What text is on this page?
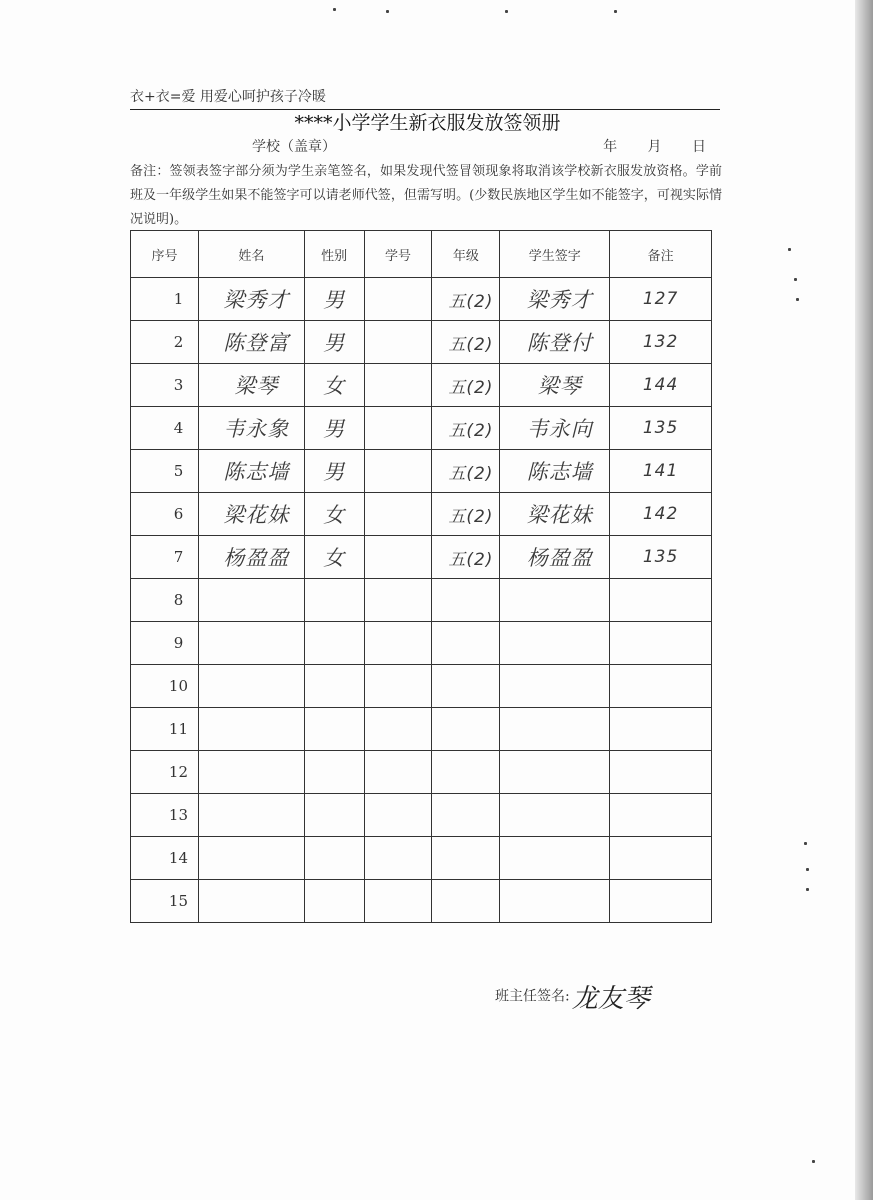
衣+衣=爱 用爱心呵护孩子冷暖
****小学学生新衣服发放签领册
学校（盖章）	年 月 日
备注：签领表签字部分须为学生亲笔签名，如果发现代签冒领现象将取消该学校新衣服发放资格。学前班及一年级学生如果不能签字可以请老师代签，但需写明。(少数民族地区学生如不能签字，可视实际情况说明)。
序号	姓名	性别	学号	年级	学生签字	备注
1	梁秀才	男		五(2)	梁秀才	127
2	陈登富	男		五(2)	陈登付	132
3	梁琴	女		五(2)	梁琴	144
4	韦永象	男		五(2)	韦永向	135
5	陈志墙	男		五(2)	陈志墙	141
6	梁花妹	女		五(2)	梁花妹	142
7	杨盈盈	女		五(2)	杨盈盈	135
8						
9						
10						
11						
12						
13						
14						
15						
班主任签名:龙友琴
